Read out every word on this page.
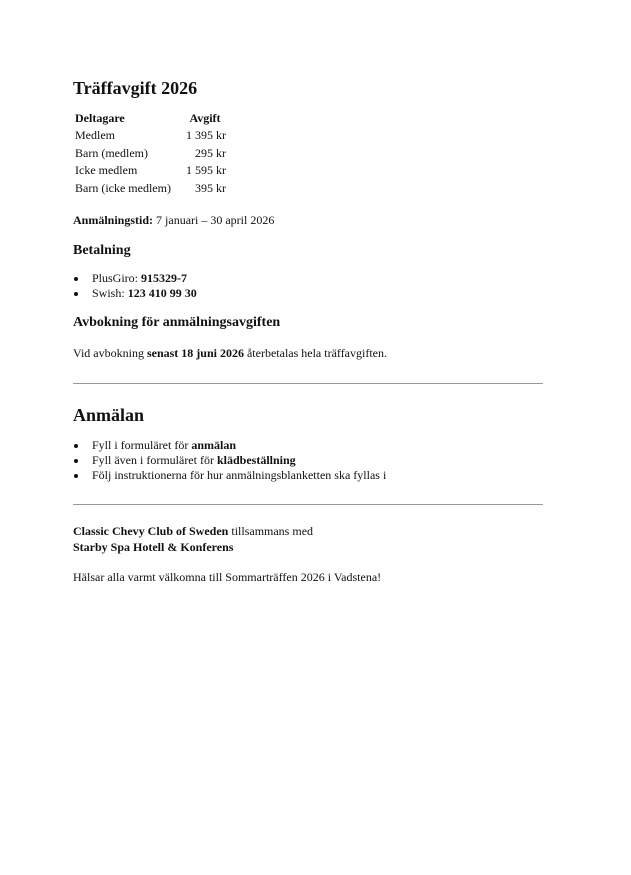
Träffavgift 2026
Deltagare	Avgift
Medlem	1 395 kr
Barn (medlem)	295 kr
Icke medlem	1 595 kr
Barn (icke medlem)	395 kr

Anmälningstid: 7 januari – 30 april 2026

Betalning
• PlusGiro: 915329-7
• Swish: 123 410 99 30
Avbokning för anmälningsavgiften

Vid avbokning senast 18 juni 2026 återbetalas hela träffavgiften.

Anmälan
• Fyll i formuläret för anmälan
• Fyll även i formuläret för klädbeställning
• Följ instruktionerna för hur anmälningsblanketten ska fyllas i

Classic Chevy Club of Sweden tillsammans med
Starby Spa Hotell & Konferens

Hälsar alla varmt välkomna till Sommarträffen 2026 i Vadstena!
